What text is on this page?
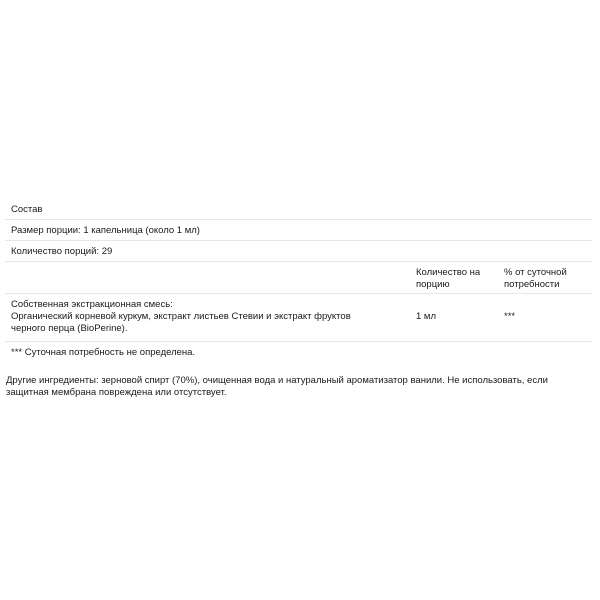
Состав
Размер порции: 1 капельница (около 1 мл)
Количество порций: 29
Количество на порцию
% от суточной потребности
Собственная экстракционная смесь:
Органический корневой куркум, экстракт листьев Стевии и экстракт фруктов
черного перца (BioPerine).
1 мл	***
*** Суточная потребность не определена.
Другие ингредиенты: зерновой спирт (70%), очищенная вода и натуральный ароматизатор ванили. Не использовать, если защитная мембрана повреждена или отсутствует.
